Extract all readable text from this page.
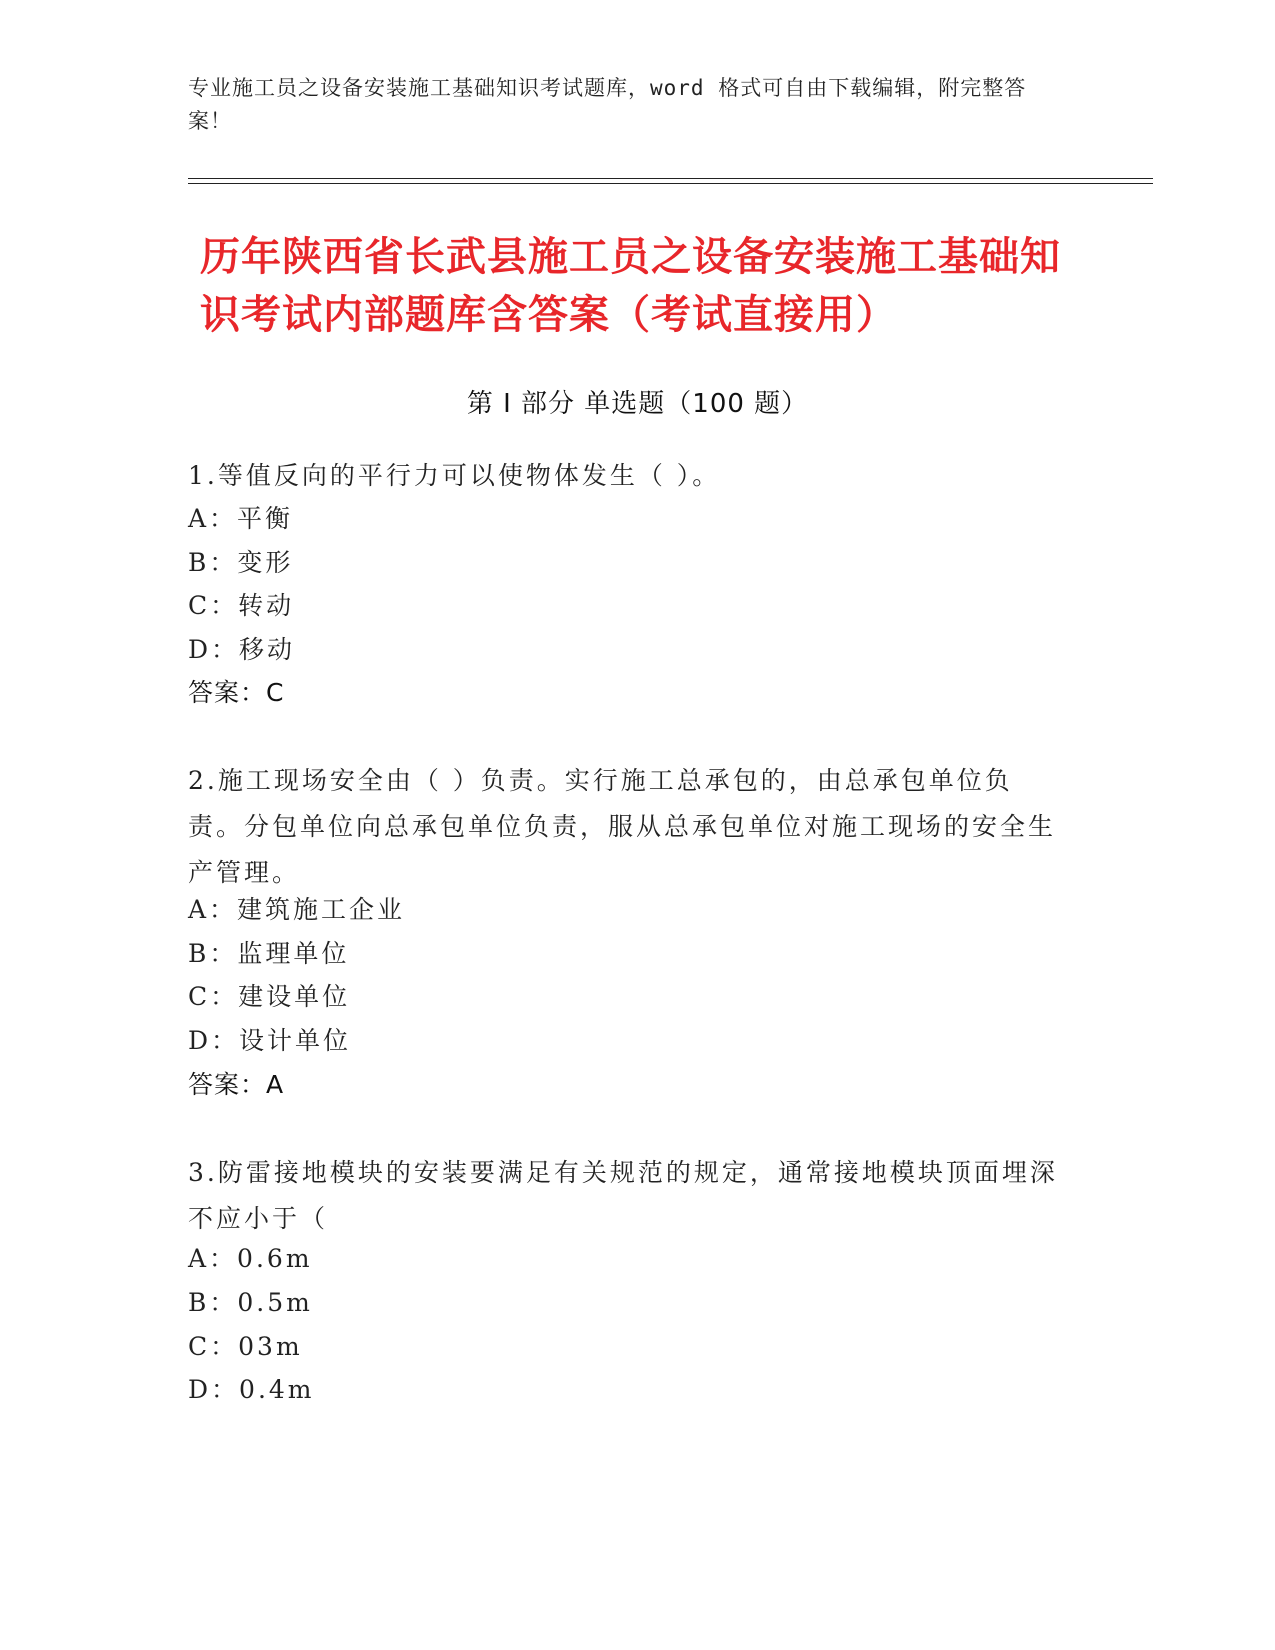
专业施工员之设备安装施工基础知识考试题库，word 格式可自由下载编辑，附完整答案！
历年陕西省长武县施工员之设备安装施工基础知识考试内部题库含答案（考试直接用）
第 I 部分 单选题（100 题）
1.等值反向的平行力可以使物体发生（ ）。
A：平衡
B：变形
C：转动
D：移动
答案：C
2.施工现场安全由（ ）负责。实行施工总承包的，由总承包单位负责。分包单位向总承包单位负责，服从总承包单位对施工现场的安全生产管理。
A：建筑施工企业
B：监理单位
C：建设单位
D：设计单位
答案：A
3.防雷接地模块的安装要满足有关规范的规定，通常接地模块顶面埋深不应小于（
A：0.6m
B：0.5m
C：03m
D：0.4m
